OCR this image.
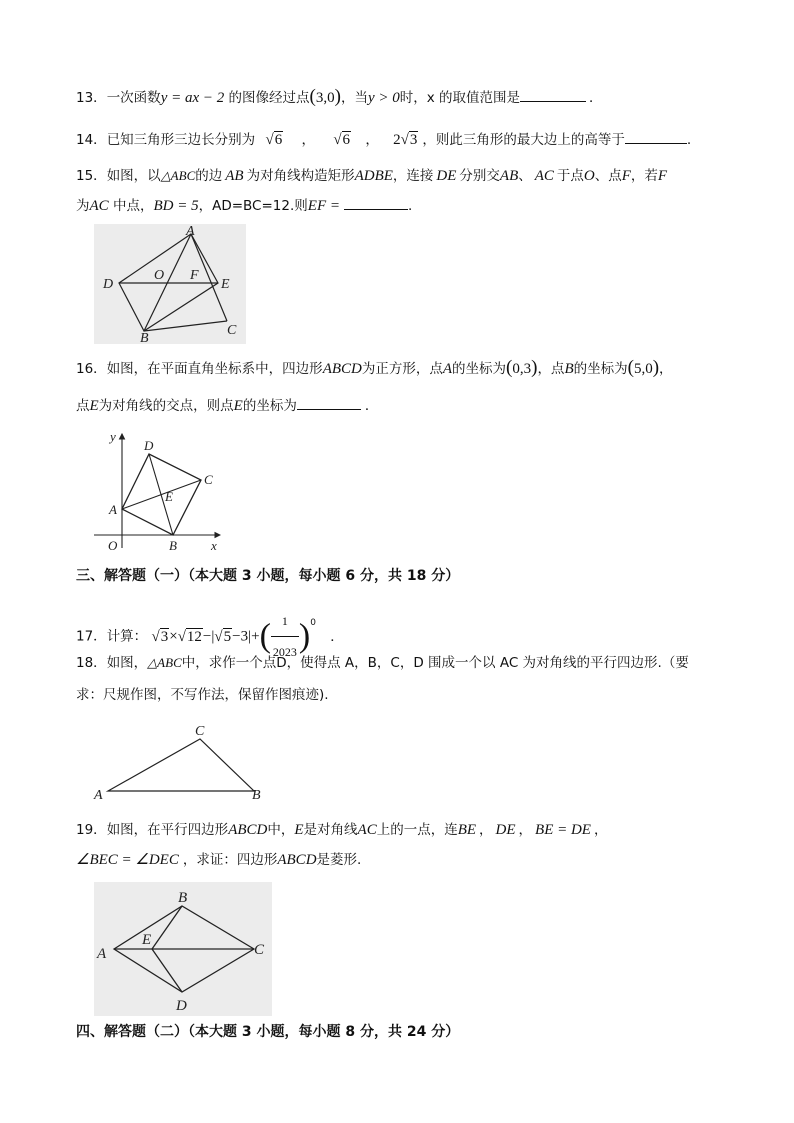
13．一次函数y = ax − 2 的图像经过点(3,0)，当y > 0时，x 的取值范围是	．
14．已知三角形三边长分别为 √6 ， √6 ， 2√3 ，则此三角形的最大边上的高等于	.
15．如图，以△ABC的边 AB 为对角线构造矩形ADBE，连接 DE 分别交AB、 AC 于点O、点F，若F
为AC 中点，BD = 5，AD=BC=12.则EF =	.
A
D
O F
E
B
C
16．如图，在平面直角坐标系中，四边形ABCD为正方形，点A的坐标为(0,3)，点B的坐标为(5,0)，
点E为对角线的交点，则点E的坐标为	．
y
x
O
A
B
C
D
E
三、解答题（一）（本大题 3 小题，每小题 6 分，共 18 分）
17．计算： $√3\times√12-|√5-3|+( \frac{1}{2023} )^0$ ．
18．如图，△ABC中，求作一个点D，使得点 A，B，C，D 围成一个以 AC 为对角线的平行四边形.（要
求：尺规作图，不写作法，保留作图痕迹).
A	B
C
19．如图，在平行四边形ABCD中，E是对角线AC上的一点，连BE ， DE ， BE = DE ，
∠BEC = ∠DEC ，求证：四边形ABCD是菱形.
A
B
C
D
E
四、解答题（二）（本大题 3 小题，每小题 8 分，共 24 分）
